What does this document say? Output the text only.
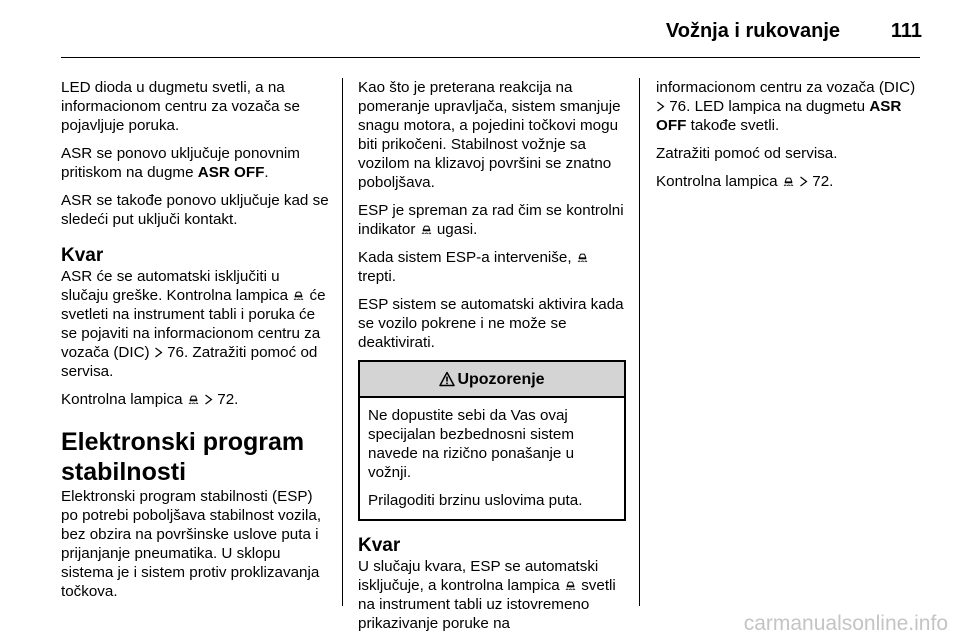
Vožnja i rukovanje	111

LED dioda u dugmetu svetli, a na informacionom centru za vozača se pojavljuje poruka.

ASR se ponovo uključuje ponovnim pritiskom na dugme ASR OFF.

ASR se takođe ponovo uključuje kad se sledeći put uključi kontakt.

Kvar

ASR će se automatski isključiti u slučaju greške. Kontrolna lampica  će svetleti na instrument tabli i poruka će se pojaviti na informacionom centru za vozača (DIC)  76. Zatražiti pomoć od servisa.

Kontrolna lampica   72.

Elektronski program stabilnosti

Elektronski program stabilnosti (ESP) po potrebi poboljšava stabilnost vozila, bez obzira na površinske uslove puta i prijanjanje pneumatika. U sklopu sistema je i sistem protiv proklizavanja točkova.

Kao što je preterana reakcija na pomeranje upravljača, sistem smanjuje snagu motora, a pojedini točkovi mogu biti prikočeni. Stabilnost vožnje sa vozilom na klizavoj površini se znatno poboljšava.

ESP je spreman za rad čim se kontrolni indikator  ugasi.

Kada sistem ESP-a interveniše,  trepti.

ESP sistem se automatski aktivira kada se vozilo pokrene i ne može se deaktivirati.

Upozorenje

Ne dopustite sebi da Vas ovaj specijalan bezbednosni sistem navede na rizično ponašanje u vožnji.

Prilagoditi brzinu uslovima puta.

Kvar

U slučaju kvara, ESP se automatski isključuje, a kontrolna lampica  svetli na instrument tabli uz istovremeno prikazivanje poruke na

informacionom centru za vozača (DIC)  76. LED lampica na dugmetu ASR OFF takođe svetli.

Zatražiti pomoć od servisa.

Kontrolna lampica   72.

carmanualsonline.info
